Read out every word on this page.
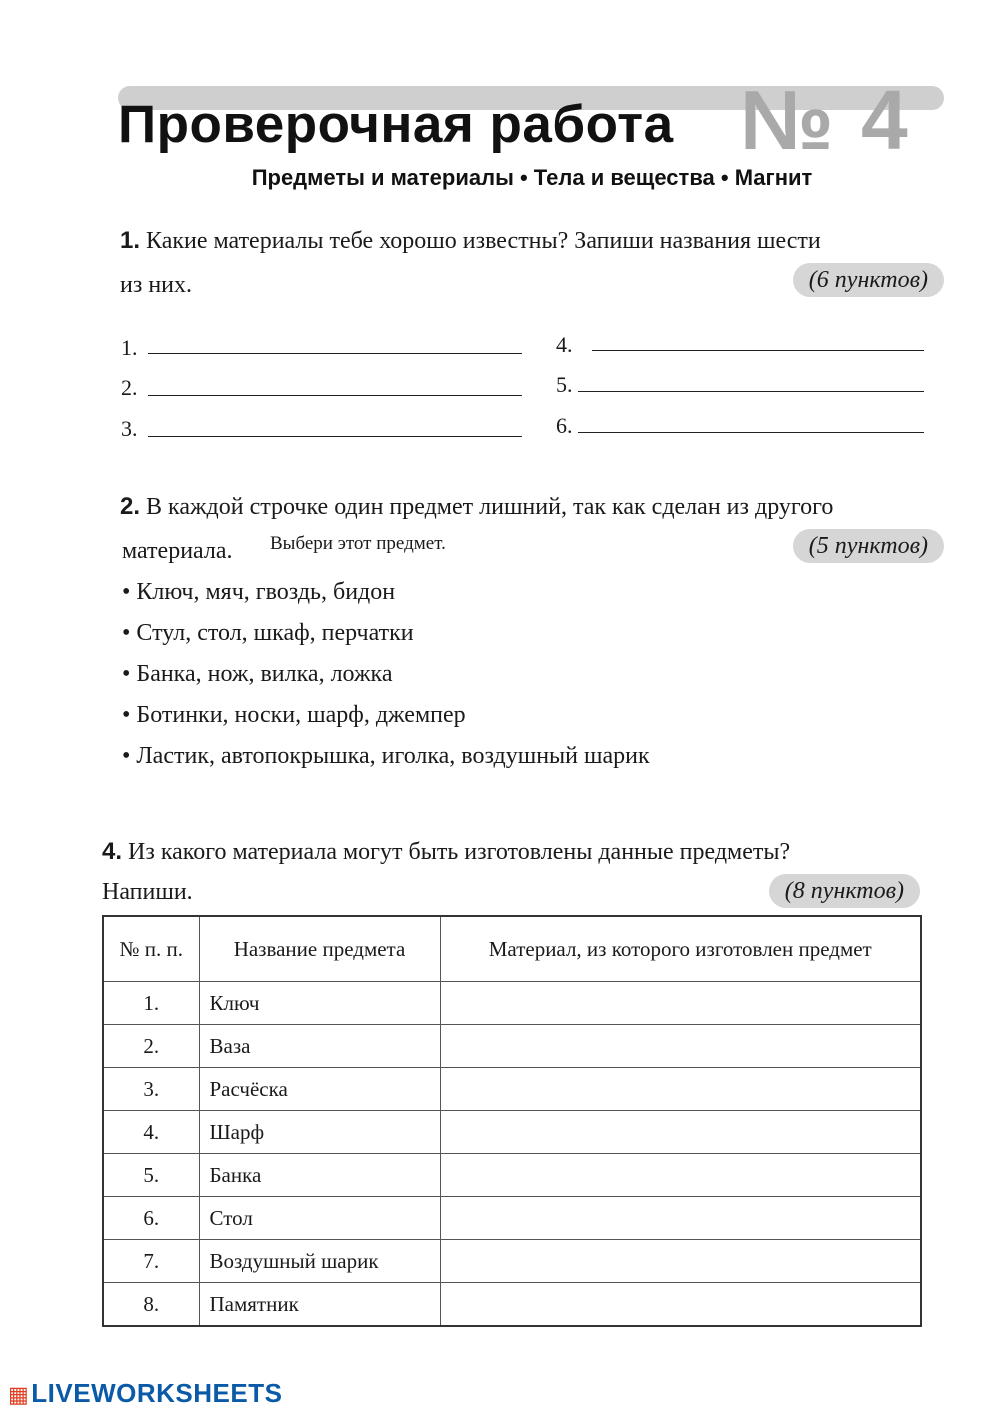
№ 4
Проверочная работа
Предметы и материалы • Тела и вещества • Магнит
1. Какие материалы тебе хорошо известны? Запиши названия шести
из них.	(6 пунктов)
1.
2.
3.
4.
5.
6.
2. В каждой строчке один предмет лишний, так как сделан из другого
материала. Выбери этот предмет.	(5 пунктов)
• Ключ, мяч, гвоздь, бидон
• Стул, стол, шкаф, перчатки
• Банка, нож, вилка, ложка
• Ботинки, носки, шарф, джемпер
• Ластик, автопокрышка, иголка, воздушный шарик
4. Из какого материала могут быть изготовлены данные предметы?
Напиши.	(8 пунктов)
№ п. п.	Название предмета	Материал, из которого изготовлен предмет
1.	Ключ	
2.	Ваза	
3.	Расчёска	
4.	Шарф	
5.	Банка	
6.	Стол	
7.	Воздушный шарик	
8.	Памятник	
▦LIVEWORKSHEETS
